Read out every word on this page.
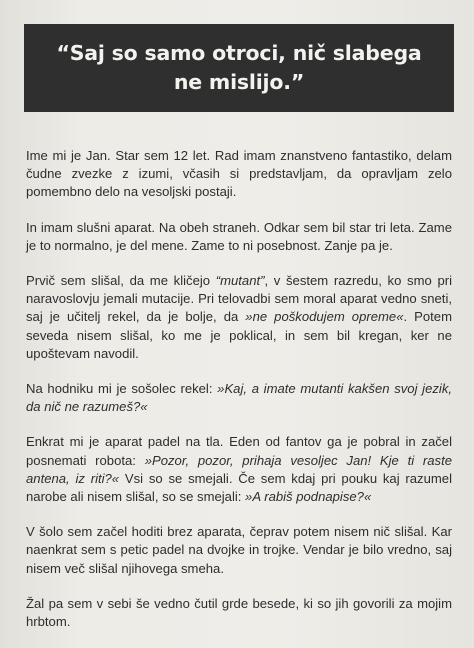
“Saj so samo otroci, nič slabega
ne mislijo.”

Ime mi je Jan. Star sem 12 let. Rad imam znanstveno fantastiko, delam čudne zvezke z izumi, včasih si predstavljam, da opravljam zelo pomembno delo na vesoljski postaji.

In imam slušni aparat. Na obeh straneh. Odkar sem bil star tri leta. Zame je to normalno, je del mene. Zame to ni posebnost. Zanje pa je.

Prvič sem slišal, da me kličejo “mutant”, v šestem razredu, ko smo pri naravoslovju jemali mutacije. Pri telovadbi sem moral aparat vedno sneti, saj je učitelj rekel, da je bolje, da »ne poškodujem opreme«. Potem seveda nisem slišal, ko me je poklical, in sem bil kregan, ker ne upoštevam navodil.

Na hodniku mi je sošolec rekel: »Kaj, a imate mutanti kakšen svoj jezik, da nič ne razumeš?«

Enkrat mi je aparat padel na tla. Eden od fantov ga je pobral in začel posnemati robota: »Pozor, pozor, prihaja vesoljec Jan! Kje ti raste antena, iz riti?« Vsi so se smejali. Če sem kdaj pri pouku kaj razumel narobe ali nisem slišal, so se smejali: »A rabiš podnapise?«

V šolo sem začel hoditi brez aparata, čeprav potem nisem nič slišal. Kar naenkrat sem s petic padel na dvojke in trojke. Vendar je bilo vredno, saj nisem več slišal njihovega smeha.

Žal pa sem v sebi še vedno čutil grde besede, ki so jih govorili za mojim hrbtom.
